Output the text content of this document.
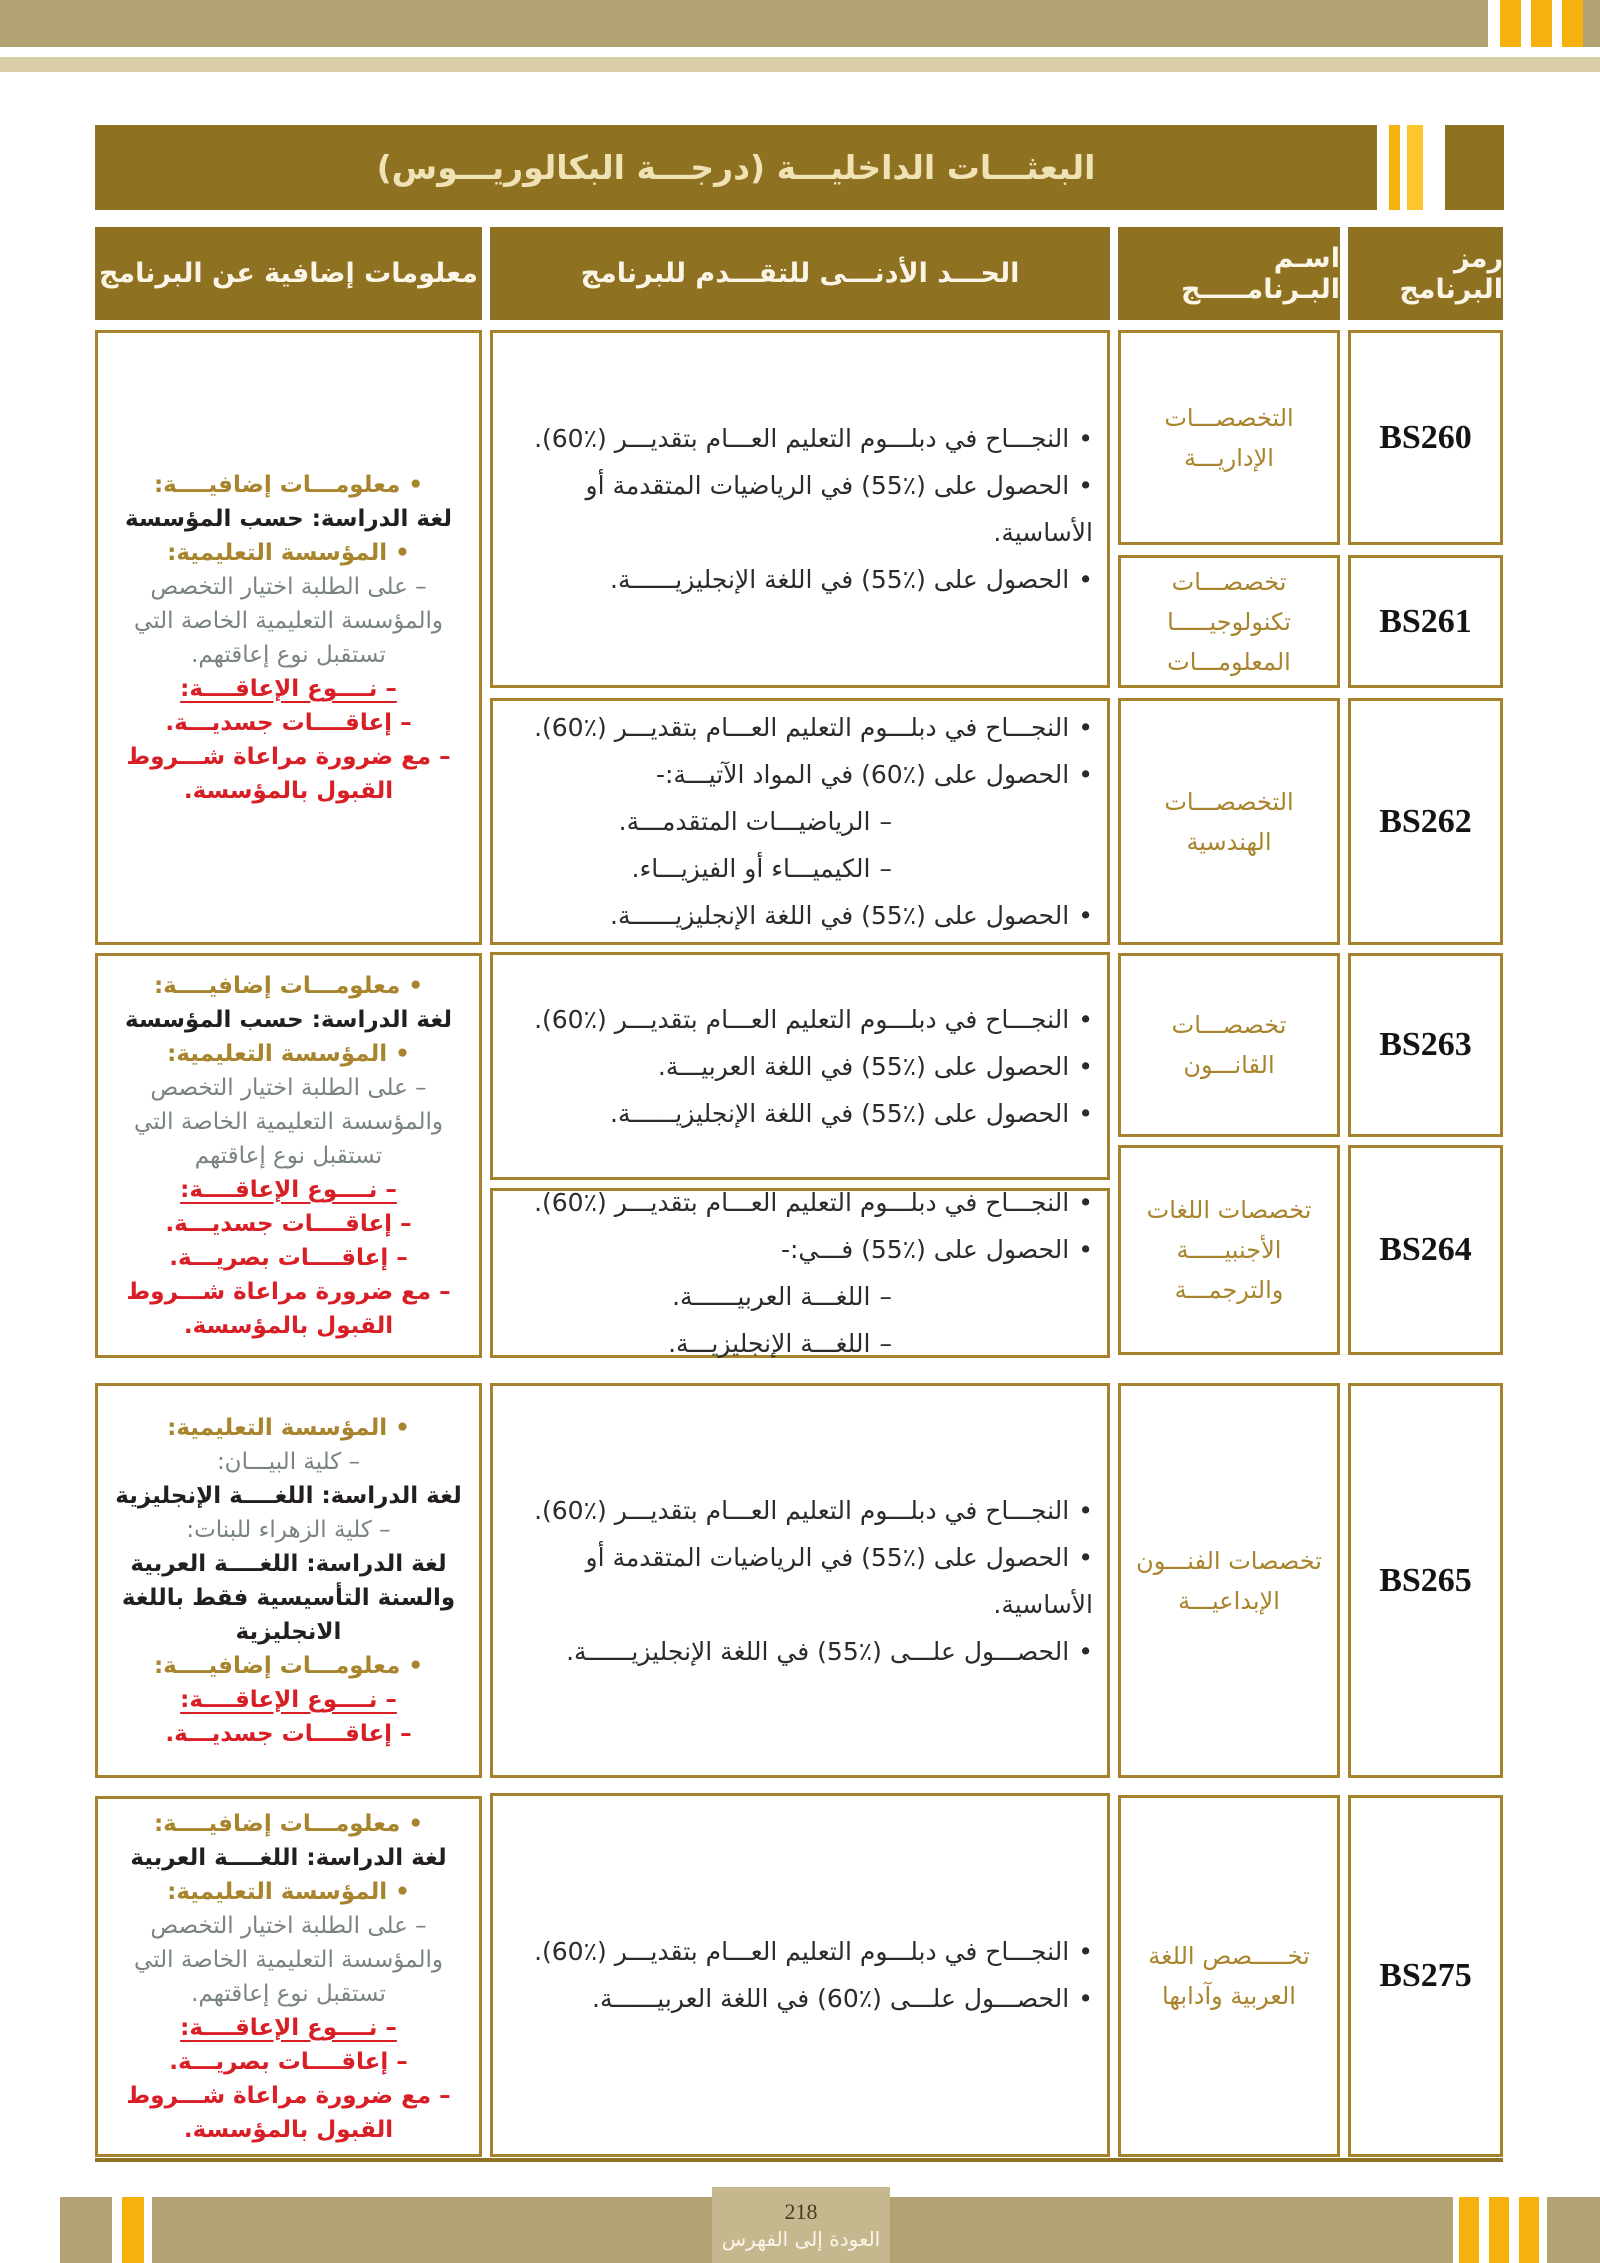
البعثـــات الداخليـــة (درجـــة البكالوريـــوس)
رمز البرنامج
اسـم البـرنامـــــج
الحـــد الأدنـــى للتقـــدم للبرنامج
معلومات إضافية عن البرنامج
BS260
BS261
BS262
BS263
BS264
BS265
BS275
التخصصـــات الإداريـــة
تخصصـــات تكنولوجيـــــا المعلومـــات
التخصصـــات الهندسية
تخصصـــات القانـــون
تخصصات اللغات الأجنبيـــــة والترجمـــة
تخصصات الفنـــون الإبداعيـــة
تخـــــصص اللغة العربية وآدابها
•النجـــاح في دبلـــوم التعليم العـــام بتقديـــر (٪60).
•الحصول على (٪55) في الرياضيات المتقدمة أو الأساسية.
•الحصول على (٪55) في اللغة الإنجليزيــــــة.
•النجـــاح في دبلـــوم التعليم العـــام بتقديـــر (٪60).
•الحصول على (٪60) في المواد الآتيـــة:-
–الرياضيـــات المتقدمـــة.
–الكيميـــاء أو الفيزيـــاء.
•الحصول على (٪55) في اللغة الإنجليزيــــــة.
•النجـــاح في دبلـــوم التعليم العـــام بتقديـــر (٪60).
•الحصول على (٪55) في اللغة العربيـــة.
•الحصول على (٪55) في اللغة الإنجليزيــــــة.
•النجـــاح في دبلـــوم التعليم العـــام بتقديـــر (٪60).
•الحصول على (٪55) فـــي:-
–اللغـــة العربيــــــة.
–اللغـــة الإنجليزيـــة.
•النجـــاح في دبلـــوم التعليم العـــام بتقديـــر (٪60).
•الحصول على (٪55) في الرياضيات المتقدمة أو الأساسية.
•الحصـــول علـــى (٪55) في اللغة الإنجليزيــــــة.
•النجـــاح في دبلـــوم التعليم العـــام بتقديـــر (٪60).
•الحصـــول علـــى (٪60) في اللغة العربيــــــة.
• معلومـــات إضافيــــة:
لغة الدراسة: حسب المؤسسة
• المؤسسة التعليمية:
– على الطلبة اختيار التخصص والمؤسسة التعليمية الخاصة التي تستقبل نوع إعاقتهم.
– نــــوع الإعاقــــة:
– إعاقــــات جسديـــة.
– مع ضرورة مراعاة شـــروط القبول بالمؤسسة.
• معلومـــات إضافيــــة:
لغة الدراسة: حسب المؤسسة
• المؤسسة التعليمية:
– على الطلبة اختيار التخصص والمؤسسة التعليمية الخاصة التي تستقبل نوع إعاقتهم
– نــــوع الإعاقــــة:
– إعاقــــات جسديـــة.
– إعاقــــات بصريـــة.
– مع ضرورة مراعاة شـــروط القبول بالمؤسسة.
• المؤسسة التعليمية:
– كلية البيـــان:
لغة الدراسة: اللغــــة الإنجليزية
– كلية الزهراء للبنات:
لغة الدراسة: اللغــــة العربية والسنة التأسيسية فقط باللغة الانجليزية
• معلومـــات إضافيــــة:
– نــــوع الإعاقــــة:
– إعاقــــات جسديـــة.
• معلومـــات إضافيــــة:
لغة الدراسة: اللغــــة العربية
• المؤسسة التعليمية:
– على الطلبة اختيار التخصص والمؤسسة التعليمية الخاصة التي تستقبل نوع إعاقتهم.
– نــــوع الإعاقــــة:
– إعاقــــات بصريـــة.
– مع ضرورة مراعاة شـــروط القبول بالمؤسسة.
218
العودة إلى الفهرس
